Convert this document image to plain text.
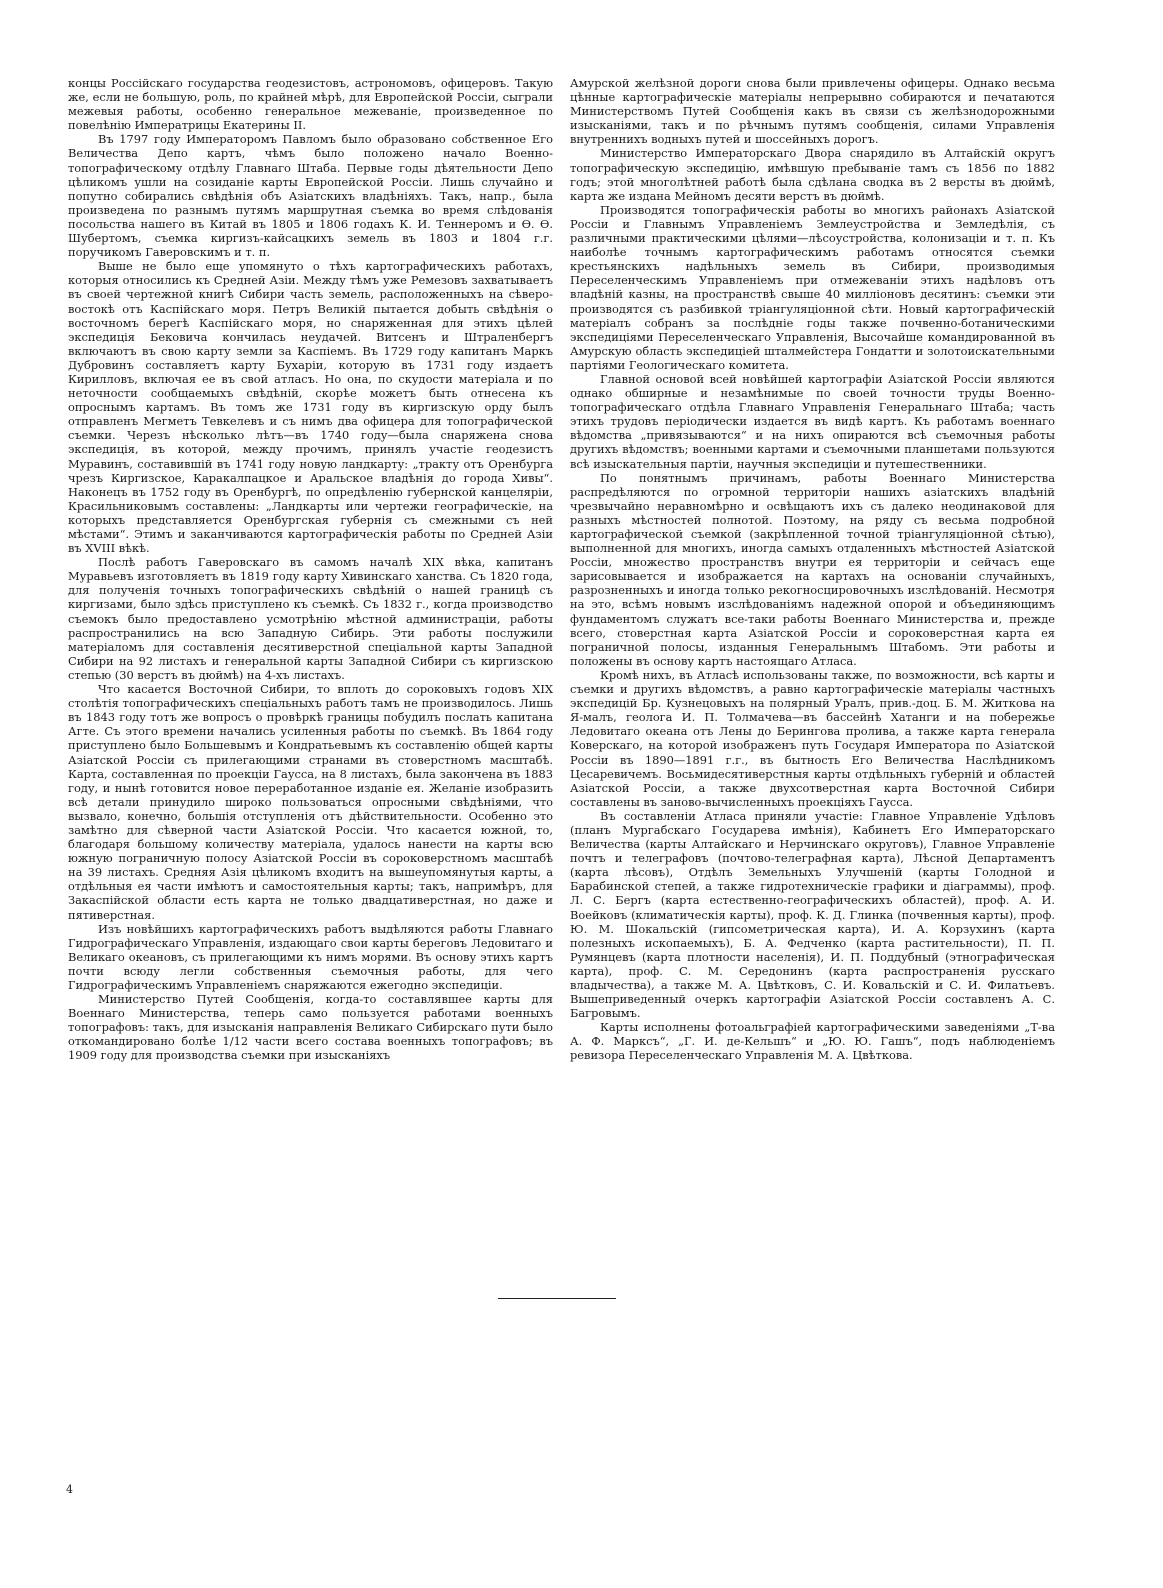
концы Россійскаго государства геодезистовъ, астрономовъ, офицеровъ. Такую же, если не большую, роль, по крайней мѣрѣ, для Европейской Россіи, сыграли межевыя работы, особенно генеральное межеваніе, произведенное по повелѣнію Императрицы Екатерины II.

Въ 1797 году Императоромъ Павломъ было образовано собственное Его Величества Депо картъ, чѣмъ было положено начало Военно-топографическому отдѣлу Главнаго Штаба. Первые годы дѣятельности Депо цѣликомъ ушли на созиданіе карты Европейской Россіи. Лишь случайно и попутно собирались свѣдѣнія объ Азіатскихъ владѣніяхъ. Такъ, напр., была произведена по разнымъ путямъ маршрутная съемка во время слѣдованія посольства нашего въ Китай въ 1805 и 1806 годахъ К. И. Теннеромъ и Ѳ. Ѳ. Шубертомъ, съемка киргизъ-кайсацкихъ земель въ 1803 и 1804 г.г. поручикомъ Гаверовскимъ и т. п.

Выше не было еще упомянуто о тѣхъ картографическихъ работахъ, которыя относились къ Средней Азіи. Между тѣмъ уже Ремезовъ захватываетъ въ своей чертежной книгѣ Сибири часть земель, расположенныхъ на сѣверо-востокѣ отъ Каспійскаго моря. Петръ Великій пытается добыть свѣдѣнія о восточномъ берегѣ Каспійскаго моря, но снаряженная для этихъ цѣлей экспедиція Бековича кончилась неудачей. Витсенъ и Штраленбергъ включаютъ въ свою карту земли за Каспіемъ. Въ 1729 году капитанъ Маркъ Дубровинъ составляетъ карту Бухаріи, которую въ 1731 году издаетъ Кирилловъ, включая ее въ свой атласъ. Но она, по скудости матеріала и по неточности сообщаемыхъ свѣдѣній, скорѣе можетъ быть отнесена къ опроснымъ картамъ. Въ томъ же 1731 году въ киргизскую орду былъ отправленъ Мегметъ Тевкелевъ и съ нимъ два офицера для топографической съемки. Черезъ нѣсколько лѣтъ—въ 1740 году—была снаряжена снова экспедиція, въ которой, между прочимъ, принялъ участіе геодезистъ Муравинъ, составившій въ 1741 году новую ландкарту: „тракту отъ Оренбурга чрезъ Киргизское, Каракалпацкое и Аральское владѣнія до города Хивы“. Наконецъ въ 1752 году въ Оренбургѣ, по опредѣленію губернской канцеляріи, Красильниковымъ составлены: „Ландкарты или чертежи географическіе, на которыхъ представляется Оренбургская губернія съ смежными съ ней мѣстами“. Этимъ и заканчиваются картографическія работы по Средней Азіи въ XVIII вѣкѣ.

Послѣ работъ Гаверовскаго въ самомъ началѣ XIX вѣка, капитанъ Муравьевъ изготовляетъ въ 1819 году карту Хивинскаго ханства. Съ 1820 года, для полученія точныхъ топографическихъ свѣдѣній о нашей границѣ съ киргизами, было здѣсь приступлено къ съемкѣ. Съ 1832 г., когда производство съемокъ было предоставлено усмотрѣнію мѣстной администраціи, работы распространились на всю Западную Сибирь. Эти работы послужили матеріаломъ для составленія десятиверстной спеціальной карты Западной Сибири на 92 листахъ и генеральной карты Западной Сибири съ киргизскою степью (30 верстъ въ дюймѣ) на 4-хъ листахъ.

Что касается Восточной Сибири, то вплоть до сороковыхъ годовъ XIX столѣтія топографическихъ спеціальныхъ работъ тамъ не производилось. Лишь въ 1843 году тотъ же вопросъ о провѣркѣ границы побудилъ послать капитана Агте. Съ этого времени начались усиленныя работы по съемкѣ. Въ 1864 году приступлено было Большевымъ и Кондратьевымъ къ составленію общей карты Азіатской Россіи съ прилегающими странами въ стоверстномъ масштабѣ. Карта, составленная по проекціи Гаусса, на 8 листахъ, была закончена въ 1883 году, и нынѣ готовится новое переработанное изданіе ея. Желаніе изобразить всѣ детали принудило широко пользоваться опросными свѣдѣніями, что вызвало, конечно, большія отступленія отъ дѣйствительности. Особенно это замѣтно для сѣверной части Азіатской Россіи. Что касается южной, то, благодаря большому количеству матеріала, удалось нанести на карты всю южную пограничную полосу Азіатской Россіи въ сороковерстномъ масштабѣ на 39 листахъ. Средняя Азія цѣликомъ входитъ на вышеупомянутыя карты, а отдѣльныя ея части имѣютъ и самостоятельныя карты; такъ, напримѣръ, для Закаспійской области есть карта не только двадцативерстная, но даже и пятиверстная.

Изъ новѣйшихъ картографическихъ работъ выдѣляются работы Главнаго Гидрографическаго Управленія, издающаго свои карты береговъ Ледовитаго и Великаго океановъ, съ прилегающими къ нимъ морями. Въ основу этихъ картъ почти всюду легли собственныя съемочныя работы, для чего Гидрографическимъ Управленіемъ снаряжаются ежегодно экспедиціи.

Министерство Путей Сообщенія, когда-то составлявшее карты для Военнаго Министерства, теперь само пользуется работами военныхъ топографовъ: такъ, для изысканія направленія Великаго Сибирскаго пути было откомандировано болѣе 1/12 части всего состава военныхъ топографовъ; въ 1909 году для производства съемки при изысканіяхъ

Амурской желѣзной дороги снова были привлечены офицеры. Однако весьма цѣнные картографическіе матеріалы непрерывно собираются и печатаются Министерствомъ Путей Сообщенія какъ въ связи съ желѣзнодорожными изысканіями, такъ и по рѣчнымъ путямъ сообщенія, силами Управленія внутреннихъ водныхъ путей и шоссейныхъ дорогъ.

Министерство Императорскаго Двора снарядило въ Алтайскій округъ топографическую экспедицію, имѣвшую пребываніе тамъ съ 1856 по 1882 годъ; этой многолѣтней работѣ была сдѣлана сводка въ 2 версты въ дюймѣ, карта же издана Мейномъ десяти верстъ въ дюймѣ.

Производятся топографическія работы во многихъ районахъ Азіатской Россіи и Главнымъ Управленіемъ Землеустройства и Земледѣлія, съ различными практическими цѣлями—лѣсоустройства, колонизаціи и т. п. Къ наиболѣе точнымъ картографическимъ работамъ относятся съемки крестьянскихъ надѣльныхъ земель въ Сибири, производимыя Переселенческимъ Управленіемъ при отмежеваніи этихъ надѣловъ отъ владѣній казны, на пространствѣ свыше 40 милліоновъ десятинъ: съемки эти производятся съ разбивкой тріангуляціонной сѣти. Новый картографическій матеріалъ собранъ за послѣдніе годы также почвенно-ботаническими экспедиціями Переселенческаго Управленія, Высочайше командированной въ Амурскую область экспедиціей шталмейстера Гондатти и золотоискательными партіями Геологическаго комитета.

Главной основой всей новѣйшей картографіи Азіатской Россіи являются однако обширные и незамѣнимые по своей точности труды Военно-топографическаго отдѣла Главнаго Управленія Генеральнаго Штаба; часть этихъ трудовъ періодически издается въ видѣ картъ. Къ работамъ военнаго вѣдомства „привязываются“ и на нихъ опираются всѣ съемочныя работы другихъ вѣдомствъ; военными картами и съемочными планшетами пользуются всѣ изыскательныя партіи, научныя экспедиціи и путешественники.

По понятнымъ причинамъ, работы Военнаго Министерства распредѣляются по огромной территоріи нашихъ азіатскихъ владѣній чрезвычайно неравномѣрно и освѣщаютъ ихъ съ далеко неодинаковой для разныхъ мѣстностей полнотой. Поэтому, на ряду съ весьма подробной картографической съемкой (закрѣпленной точной тріангуляціонной сѣтью), выполненной для многихъ, иногда самыхъ отдаленныхъ мѣстностей Азіатской Россіи, множество пространствъ внутри ея территоріи и сейчасъ еще зарисовывается и изображается на картахъ на основаніи случайныхъ, разрозненныхъ и иногда только рекогносцировочныхъ изслѣдованій. Несмотря на это, всѣмъ новымъ изслѣдованіямъ надежной опорой и объединяющимъ фундаментомъ служатъ все-таки работы Военнаго Министерства и, прежде всего, стоверстная карта Азіатской Россіи и сороковерстная карта ея пограничной полосы, изданныя Генеральнымъ Штабомъ. Эти работы и положены въ основу картъ настоящаго Атласа.

Кромѣ нихъ, въ Атласѣ использованы также, по возможности, всѣ карты и съемки и другихъ вѣдомствъ, а равно картографическіе матеріалы частныхъ экспедицій Бр. Кузнецовыхъ на полярный Уралъ, прив.-доц. Б. М. Житкова на Я-малъ, геолога И. П. Толмачева—въ бассейнѣ Хатанги и на побережье Ледовитаго океана отъ Лены до Берингова пролива, а также карта генерала Коверскаго, на которой изображенъ путь Государя Императора по Азіатской Россіи въ 1890—1891 г.г., въ бытность Его Величества Наслѣдникомъ Цесаревичемъ. Восьмидесятиверстныя карты отдѣльныхъ губерній и областей Азіатской Россіи, а также двухсотверстная карта Восточной Сибири составлены въ заново-вычисленныхъ проекціяхъ Гаусса.

Въ составленіи Атласа приняли участіе: Главное Управленіе Удѣловъ (планъ Мургабскаго Государева имѣнія), Кабинетъ Его Императорскаго Величества (карты Алтайскаго и Нерчинскаго округовъ), Главное Управленіе почтъ и телеграфовъ (почтово-телеграфная карта), Лѣсной Департаментъ (карта лѣсовъ), Отдѣлъ Земельныхъ Улучшеній (карты Голодной и Барабинской степей, а также гидротехническіе графики и діаграммы), проф. Л. С. Бергъ (карта естественно-географическихъ областей), проф. А. И. Воейковъ (климатическія карты), проф. К. Д. Глинка (почвенныя карты), проф. Ю. М. Шокальскій (гипсометрическая карта), И. А. Корзухинъ (карта полезныхъ ископаемыхъ), Б. А. Федченко (карта растительности), П. П. Румянцевъ (карта плотности населенія), И. П. Поддубный (этнографическая карта), проф. С. М. Середонинъ (карта распространенія русскаго владычества), а также М. А. Цвѣтковъ, С. И. Ковальскій и С. И. Филатьевъ. Вышеприведенный очеркъ картографіи Азіатской Россіи составленъ А. С. Багровымъ.

Карты исполнены фотоальграфіей картографическими заведеніями „Т-ва А. Ф. Марксъ“, „Г. И. де-Кельшъ“ и „Ю. Ю. Гашъ“, подъ наблюденіемъ ревизора Переселенческаго Управленія М. А. Цвѣткова.

4
